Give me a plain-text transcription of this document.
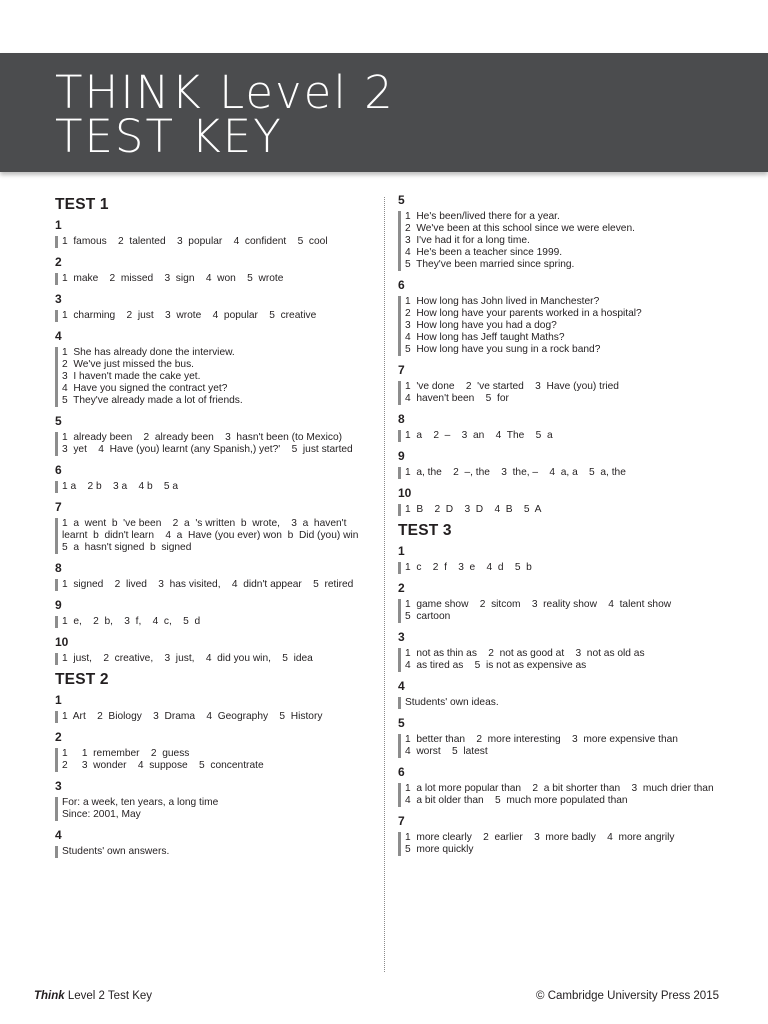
THINK Level 2
TEST KEY
TEST 1
1
1  famous    2  talented    3  popular    4  confident    5  cool
2
1  make    2  missed    3  sign    4  won    5  wrote
3
1  charming    2  just    3  wrote    4  popular    5  creative
4
1  She has already done the interview.
2  We've just missed the bus.
3  I haven't made the cake yet.
4  Have you signed the contract yet?
5  They've already made a lot of friends.
5
1  already been    2  already been    3  hasn't been (to Mexico)
3  yet    4  Have (you) learnt (any Spanish,) yet?'    5  just started
6
1 a    2 b    3 a    4 b    5 a
7
1  a  went  b  've been    2  a  's written  b  wrote,    3  a  haven't learnt  b  didn't learn    4  a  Have (you ever) won  b  Did (you) win    5  a  hasn't signed  b  signed
8
1  signed    2  lived    3  has visited,    4  didn't appear    5  retired
9
1  e,    2  b,    3  f,    4  c,    5  d
10
1  just,    2  creative,    3  just,    4  did you win,    5  idea
TEST 2
1
1  Art    2  Biology    3  Drama    4  Geography    5  History
2
1     1  remember    2  guess
2     3  wonder    4  suppose    5  concentrate
3
For: a week, ten years, a long time
Since: 2001, May
4
Students' own answers.
5
1  He's been/lived there for a year.
2  We've been at this school since we were eleven.
3  I've had it for a long time.
4  He's been a teacher since 1999.
5  They've been married since spring.
6
1  How long has John lived in Manchester?
2  How long have your parents worked in a hospital?
3  How long have you had a dog?
4  How long has Jeff taught Maths?
5  How long have you sung in a rock band?
7
1  've done    2  've started    3  Have (you) tried
4  haven't been    5  for
8
1  a    2  –    3  an    4  The    5  a
9
1  a, the    2  –, the    3  the, –    4  a, a    5  a, the
10
1  B    2  D    3  D    4  B    5  A
TEST 3
1
1  c    2  f    3  e    4  d    5  b
2
1  game show    2  sitcom    3  reality show    4  talent show
5  cartoon
3
1  not as thin as    2  not as good at    3  not as old as
4  as tired as    5  is not as expensive as
4
Students' own ideas.
5
1  better than    2  more interesting    3  more expensive than
4  worst    5  latest
6
1  a lot more popular than    2  a bit shorter than    3  much drier than    4  a bit older than    5  much more populated than
7
1  more clearly    2  earlier    3  more badly    4  more angrily
5  more quickly
Think Level 2 Test Key	© Cambridge University Press 2015
